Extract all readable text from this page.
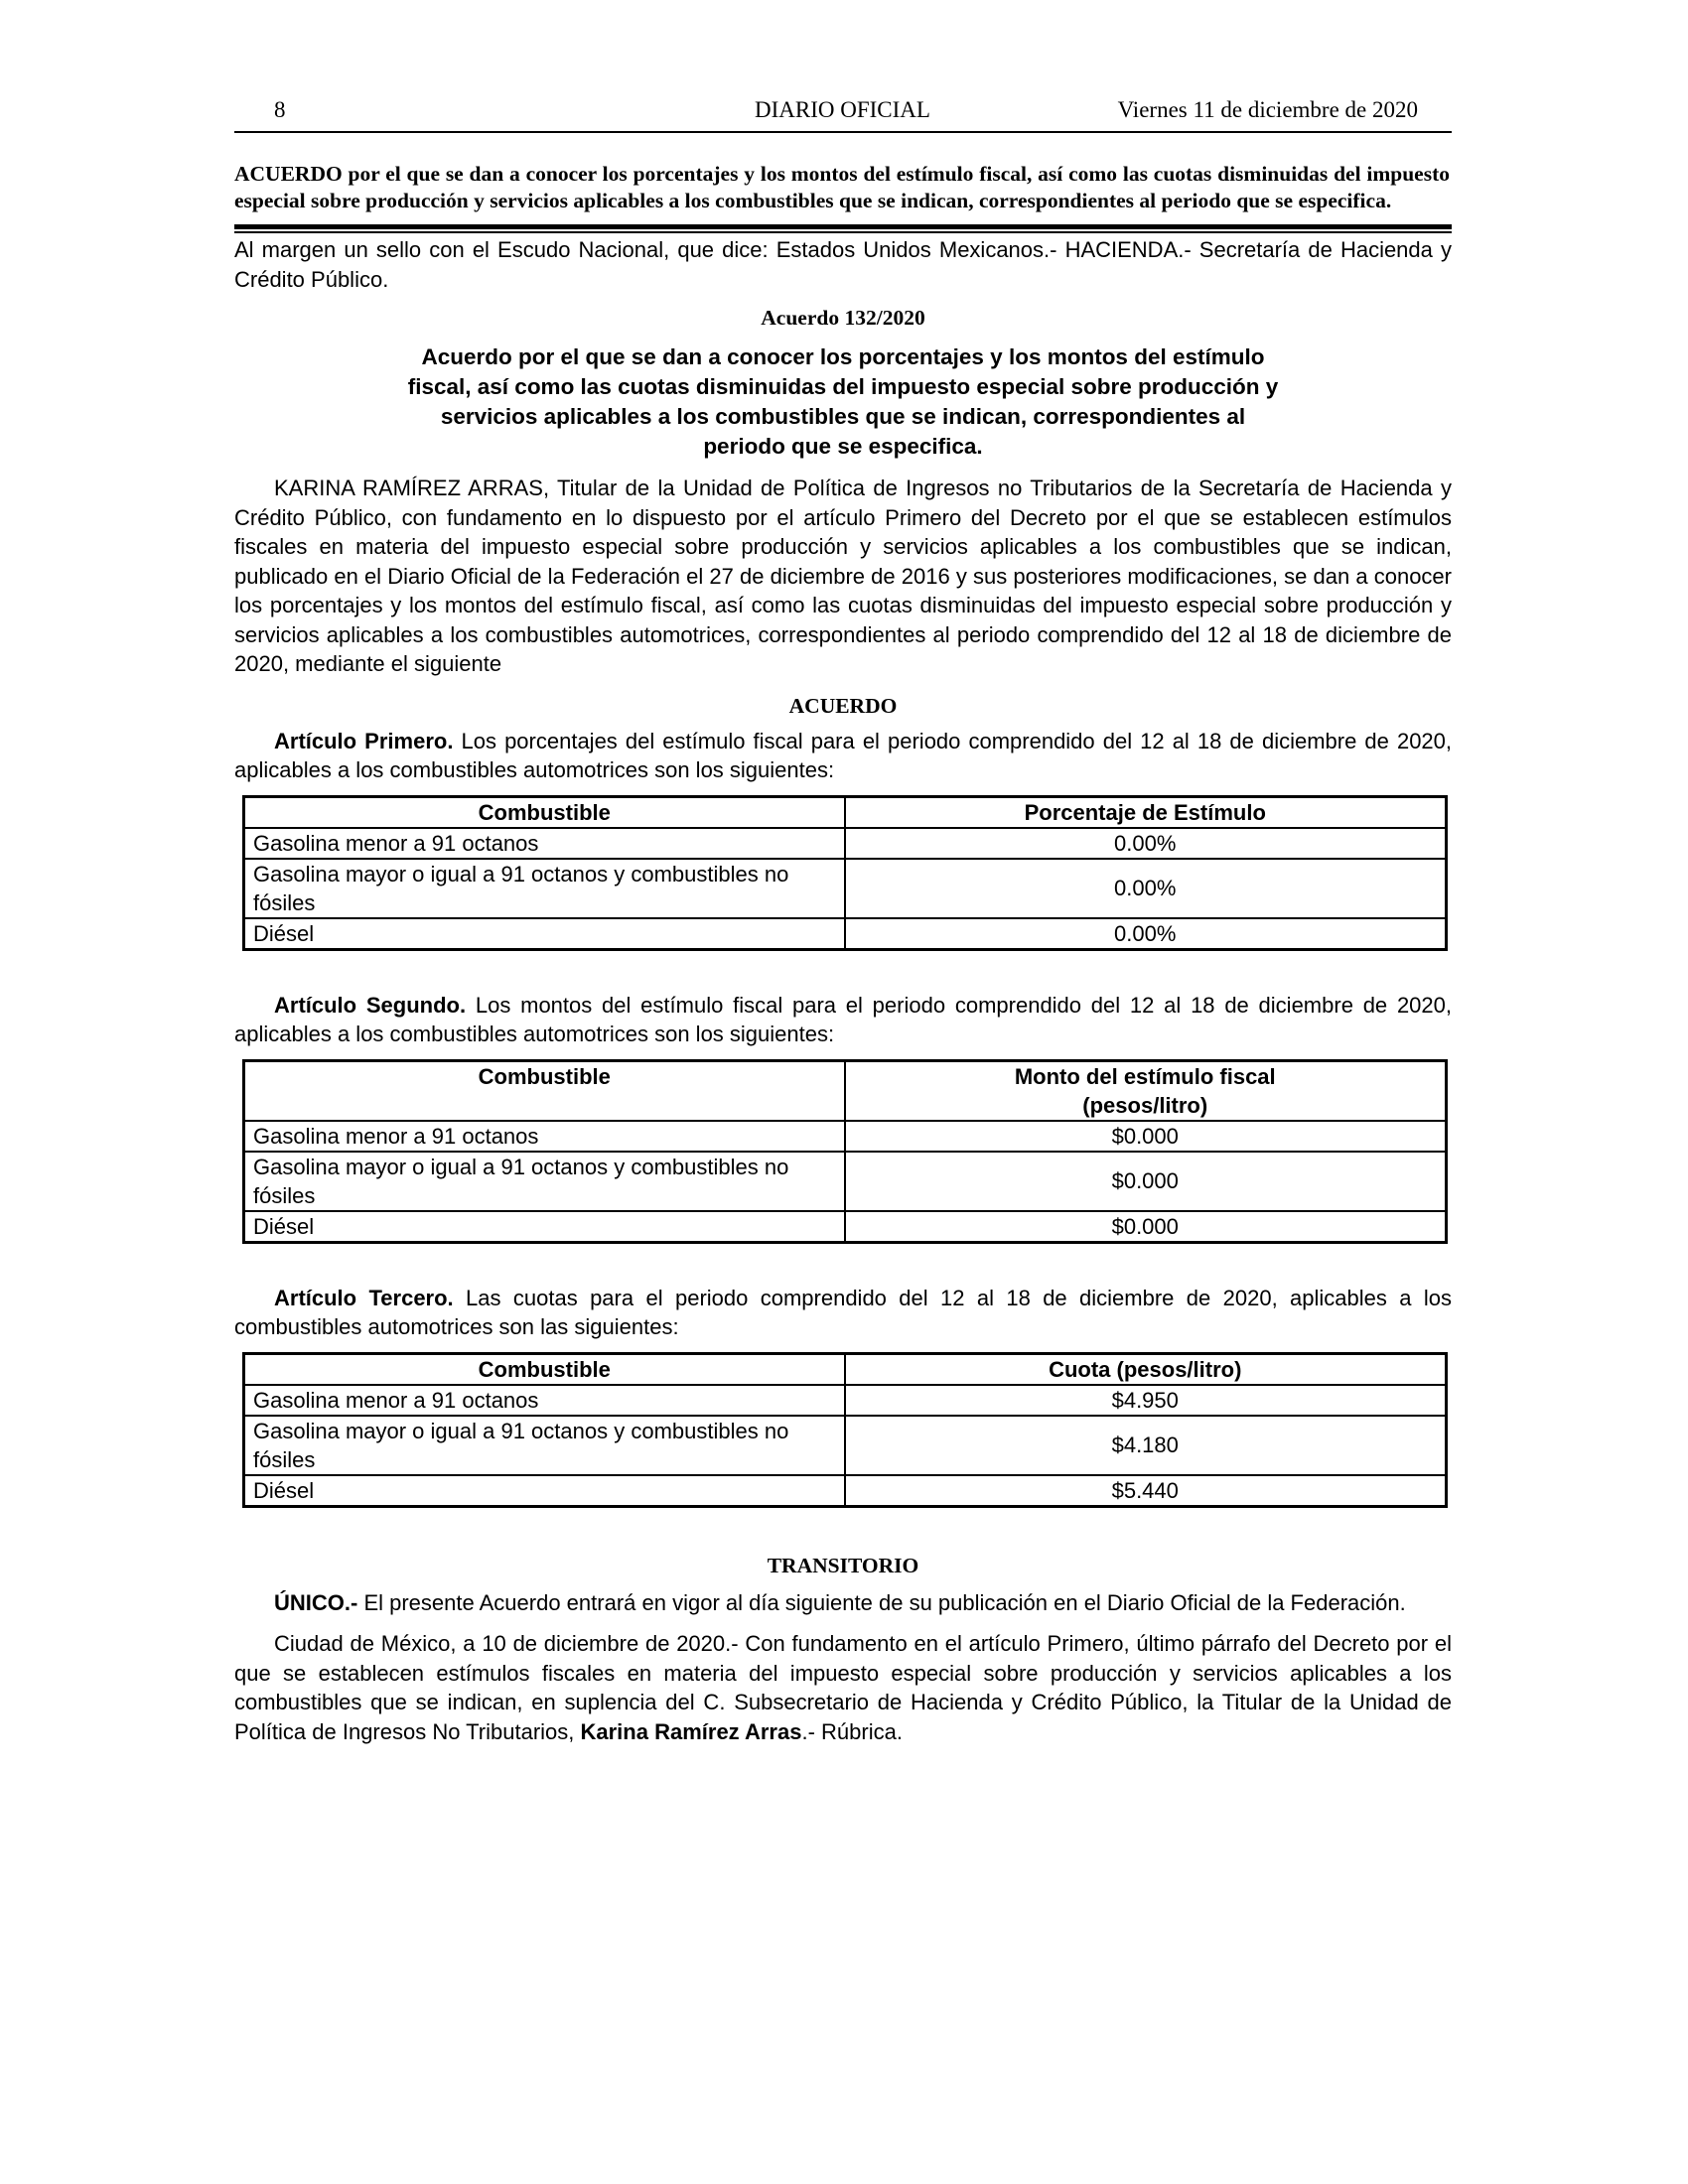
8	DIARIO OFICIAL	Viernes 11 de diciembre de 2020

ACUERDO por el que se dan a conocer los porcentajes y los montos del estímulo fiscal, así como las cuotas disminuidas del impuesto especial sobre producción y servicios aplicables a los combustibles que se indican, correspondientes al periodo que se especifica.

Al margen un sello con el Escudo Nacional, que dice: Estados Unidos Mexicanos.- HACIENDA.- Secretaría de Hacienda y Crédito Público.

Acuerdo 132/2020
Acuerdo por el que se dan a conocer los porcentajes y los montos del estímulo fiscal, así como las cuotas disminuidas del impuesto especial sobre producción y servicios aplicables a los combustibles que se indican, correspondientes al periodo que se especifica.

KARINA RAMÍREZ ARRAS, Titular de la Unidad de Política de Ingresos no Tributarios de la Secretaría de Hacienda y Crédito Público, con fundamento en lo dispuesto por el artículo Primero del Decreto por el que se establecen estímulos fiscales en materia del impuesto especial sobre producción y servicios aplicables a los combustibles que se indican, publicado en el Diario Oficial de la Federación el 27 de diciembre de 2016 y sus posteriores modificaciones, se dan a conocer los porcentajes y los montos del estímulo fiscal, así como las cuotas disminuidas del impuesto especial sobre producción y servicios aplicables a los combustibles automotrices, correspondientes al periodo comprendido del 12 al 18 de diciembre de 2020, mediante el siguiente

ACUERDO

Artículo Primero. Los porcentajes del estímulo fiscal para el periodo comprendido del 12 al 18 de diciembre de 2020, aplicables a los combustibles automotrices son los siguientes:

Combustible	Porcentaje de Estímulo
Gasolina menor a 91 octanos	0.00%
Gasolina mayor o igual a 91 octanos y combustibles no fósiles	0.00%
Diésel	0.00%

Artículo Segundo. Los montos del estímulo fiscal para el periodo comprendido del 12 al 18 de diciembre de 2020, aplicables a los combustibles automotrices son los siguientes:

Combustible	Monto del estímulo fiscal
(pesos/litro)

Gasolina menor a 91 octanos	$0.000
Gasolina mayor o igual a 91 octanos y combustibles no fósiles	$0.000
Diésel	$0.000

Artículo Tercero. Las cuotas para el periodo comprendido del 12 al 18 de diciembre de 2020, aplicables a los combustibles automotrices son las siguientes:

Combustible	Cuota (pesos/litro)
Gasolina menor a 91 octanos	$4.950
Gasolina mayor o igual a 91 octanos y combustibles no fósiles	$4.180
Diésel	$5.440
TRANSITORIO

ÚNICO.- El presente Acuerdo entrará en vigor al día siguiente de su publicación en el Diario Oficial de la Federación.

Ciudad de México, a 10 de diciembre de 2020.- Con fundamento en el artículo Primero, último párrafo del Decreto por el que se establecen estímulos fiscales en materia del impuesto especial sobre producción y servicios aplicables a los combustibles que se indican, en suplencia del C. Subsecretario de Hacienda y Crédito Público, la Titular de la Unidad de Política de Ingresos No Tributarios, Karina Ramírez Arras.- Rúbrica.
